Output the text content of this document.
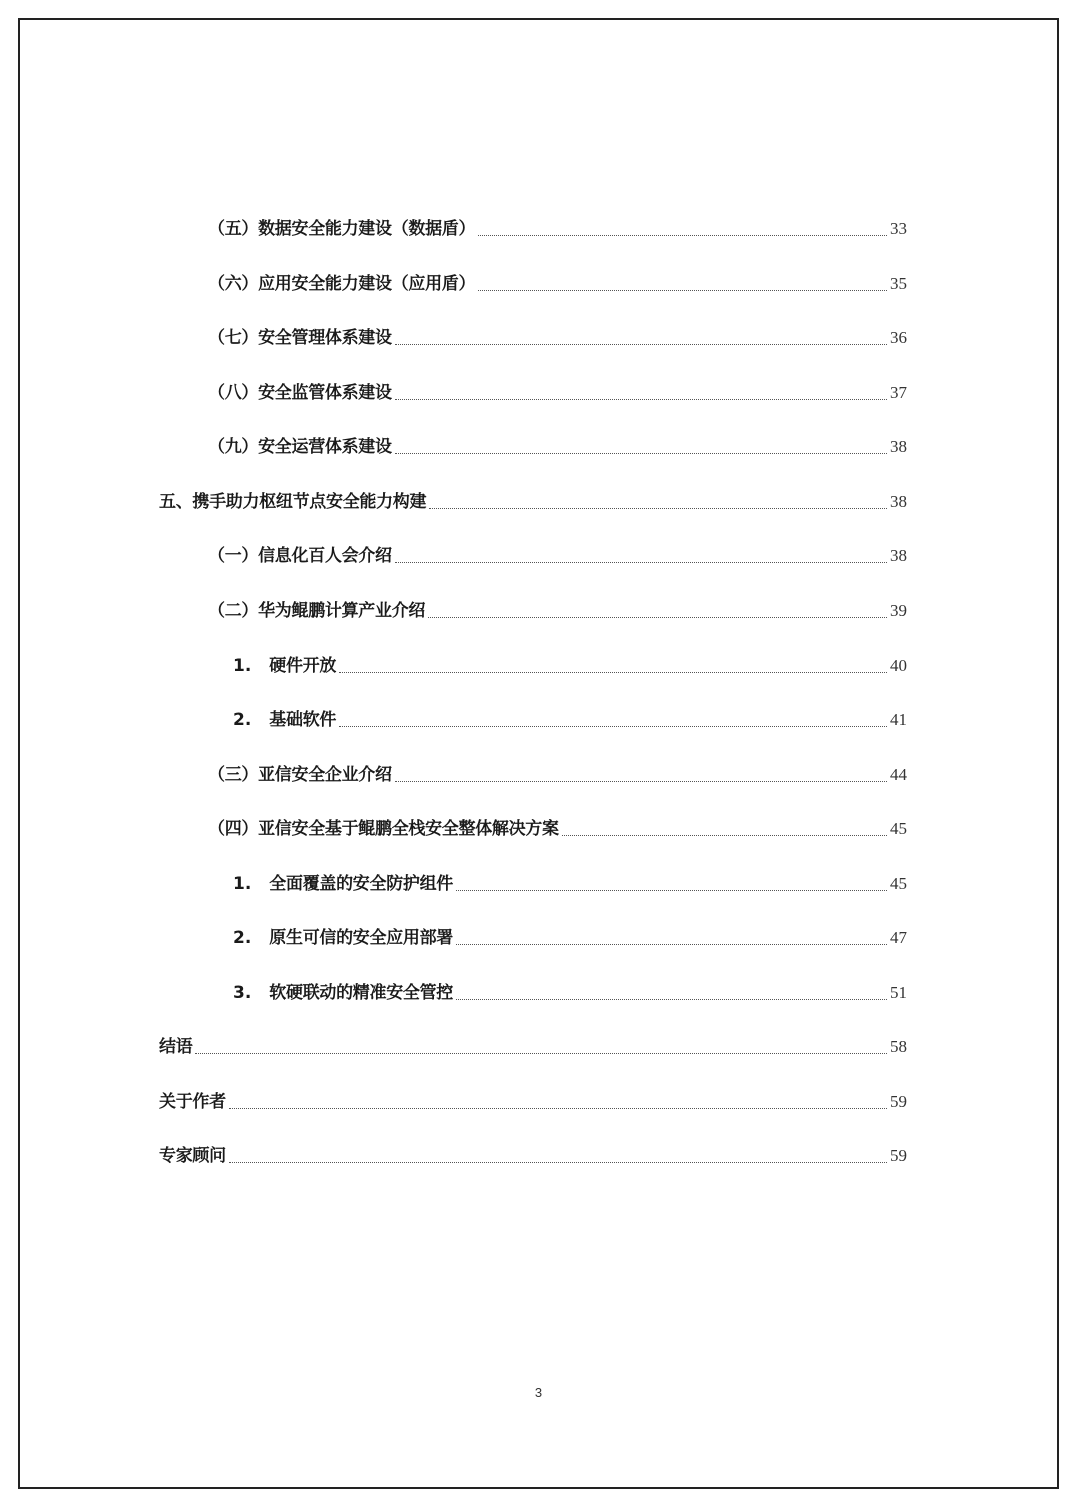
（五）数据安全能力建设（数据盾）	33
（六）应用安全能力建设（应用盾）	35
（七）安全管理体系建设	36
（八）安全监管体系建设	37
（九）安全运营体系建设	38
五、携手助力枢纽节点安全能力构建	38
（一）信息化百人会介绍	38
（二）华为鲲鹏计算产业介绍	39
1. 硬件开放	40
2. 基础软件	41
（三）亚信安全企业介绍	44
（四）亚信安全基于鲲鹏全栈安全整体解决方案	45
1. 全面覆盖的安全防护组件	45
2. 原生可信的安全应用部署	47
3. 软硬联动的精准安全管控	51
结语	58
关于作者	59
专家顾问	59
3
